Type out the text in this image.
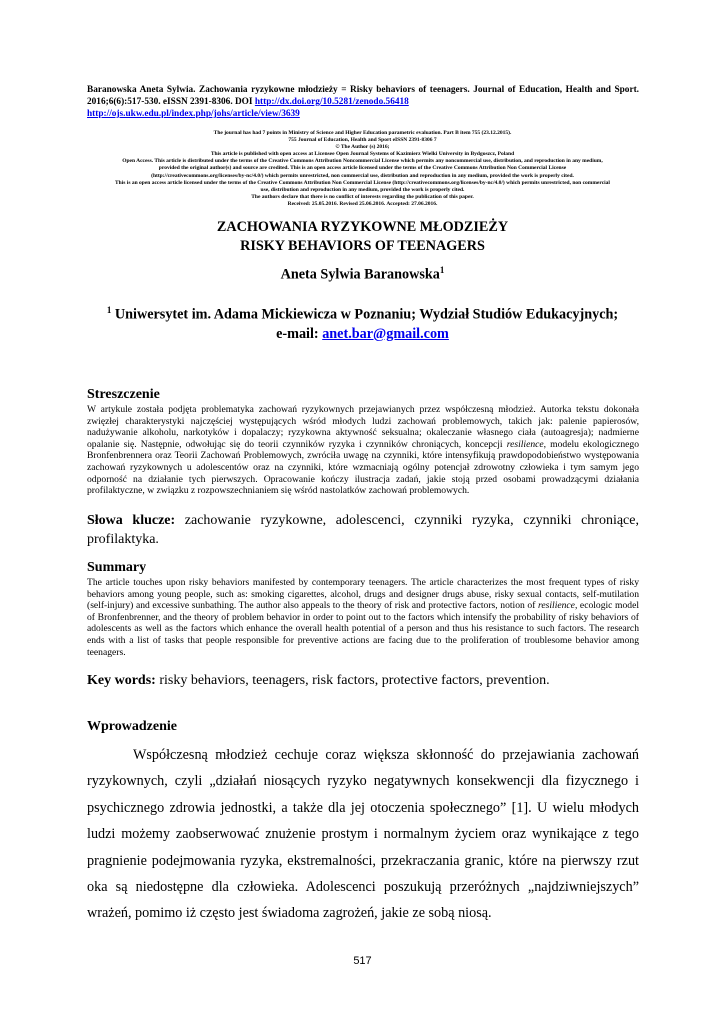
Baranowska Aneta Sylwia. Zachowania ryzykowne młodzieży = Risky behaviors of teenagers. Journal of Education, Health and Sport. 2016;6(6):517-530. eISSN 2391-8306. DOI http://dx.doi.org/10.5281/zenodo.56418
http://ojs.ukw.edu.pl/index.php/johs/article/view/3639
The journal has had 7 points in Ministry of Science and Higher Education parametric evaluation. Part B item 755 (23.12.2015).
755 Journal of Education, Health and Sport eISSN 2391-8306 7
© The Author (s) 2016;
This article is published with open access at Licensee Open Journal Systems of Kazimierz Wielki University in Bydgoszcz, Poland
Open Access. This article is distributed under the terms of the Creative Commons Attribution Noncommercial License which permits any noncommercial use, distribution, and reproduction in any medium,
provided the original author(s) and source are credited. This is an open access article licensed under the terms of the Creative Commons Attribution Non Commercial License
(http://creativecommons.org/licenses/by-nc/4.0/) which permits unrestricted, non commercial use, distribution and reproduction in any medium, provided the work is properly cited.
This is an open access article licensed under the terms of the Creative Commons Attribution Non Commercial License (http://creativecommons.org/licenses/by-nc/4.0/) which permits unrestricted, non commercial
use, distribution and reproduction in any medium, provided the work is properly cited.
The authors declare that there is no conflict of interests regarding the publication of this paper.
Received: 25.05.2016. Revised 25.06.2016. Accepted: 27.06.2016.
ZACHOWANIA RYZYKOWNE MŁODZIEŻY
RISKY BEHAVIORS OF TEENAGERS
Aneta Sylwia Baranowska$^1$
$^1$ Uniwersytet im. Adama Mickiewicza w Poznaniu; Wydział Studiów Edukacyjnych;
e-mail: anet.bar@gmail.com
Streszczenie
W artykule została podjęta problematyka zachowań ryzykownych przejawianych przez współczesną młodzież. Autorka tekstu dokonała zwięzłej charakterystyki najczęściej występujących wśród młodych ludzi zachowań problemowych, takich jak: palenie papierosów, nadużywanie alkoholu, narkotyków i dopalaczy; ryzykowna aktywność seksualna; okaleczanie własnego ciała (autoagresja); nadmierne opalanie się. Następnie, odwołując się do teorii czynników ryzyka i czynników chroniących, koncepcji resilience, modelu ekologicznego Bronfenbrennera oraz Teorii Zachowań Problemowych, zwróciła uwagę na czynniki, które intensyfikują prawdopodobieństwo występowania zachowań ryzykownych u adolescentów oraz na czynniki, które wzmacniają ogólny potencjał zdrowotny człowieka i tym samym jego odporność na działanie tych pierwszych. Opracowanie kończy ilustracja zadań, jakie stoją przed osobami prowadzącymi działania profilaktyczne, w związku z rozpowszechnianiem się wśród nastolatków zachowań problemowych.
Słowa klucze: zachowanie ryzykowne, adolescenci, czynniki ryzyka, czynniki chroniące, profilaktyka.
Summary
The article touches upon risky behaviors manifested by contemporary teenagers. The article characterizes the most frequent types of risky behaviors among young people, such as: smoking cigarettes, alcohol, drugs and designer drugs abuse, risky sexual contacts, self-mutilation (self-injury) and excessive sunbathing. The author also appeals to the theory of risk and protective factors, notion of resilience, ecologic model of Bronfenbrenner, and the theory of problem behavior in order to point out to the factors which intensify the probability of risky behaviors of adolescents as well as the factors which enhance the overall health potential of a person and thus his resistance to such factors. The research ends with a list of tasks that people responsible for preventive actions are facing due to the proliferation of troublesome behavior among teenagers.
Key words: risky behaviors, teenagers, risk factors, protective factors, prevention.
Wprowadzenie
Współczesną młodzież cechuje coraz większa skłonność do przejawiania zachowań ryzykownych, czyli „działań niosących ryzyko negatywnych konsekwencji dla fizycznego i psychicznego zdrowia jednostki, a także dla jej otoczenia społecznego” [1]. U wielu młodych ludzi możemy zaobserwować znużenie prostym i normalnym życiem oraz wynikające z tego pragnienie podejmowania ryzyka, ekstremalności, przekraczania granic, które na pierwszy rzut oka są niedostępne dla człowieka. Adolescenci poszukują przeróżnych „najdziwniejszych” wrażeń, pomimo iż często jest świadoma zagrożeń, jakie ze sobą niosą.
517
